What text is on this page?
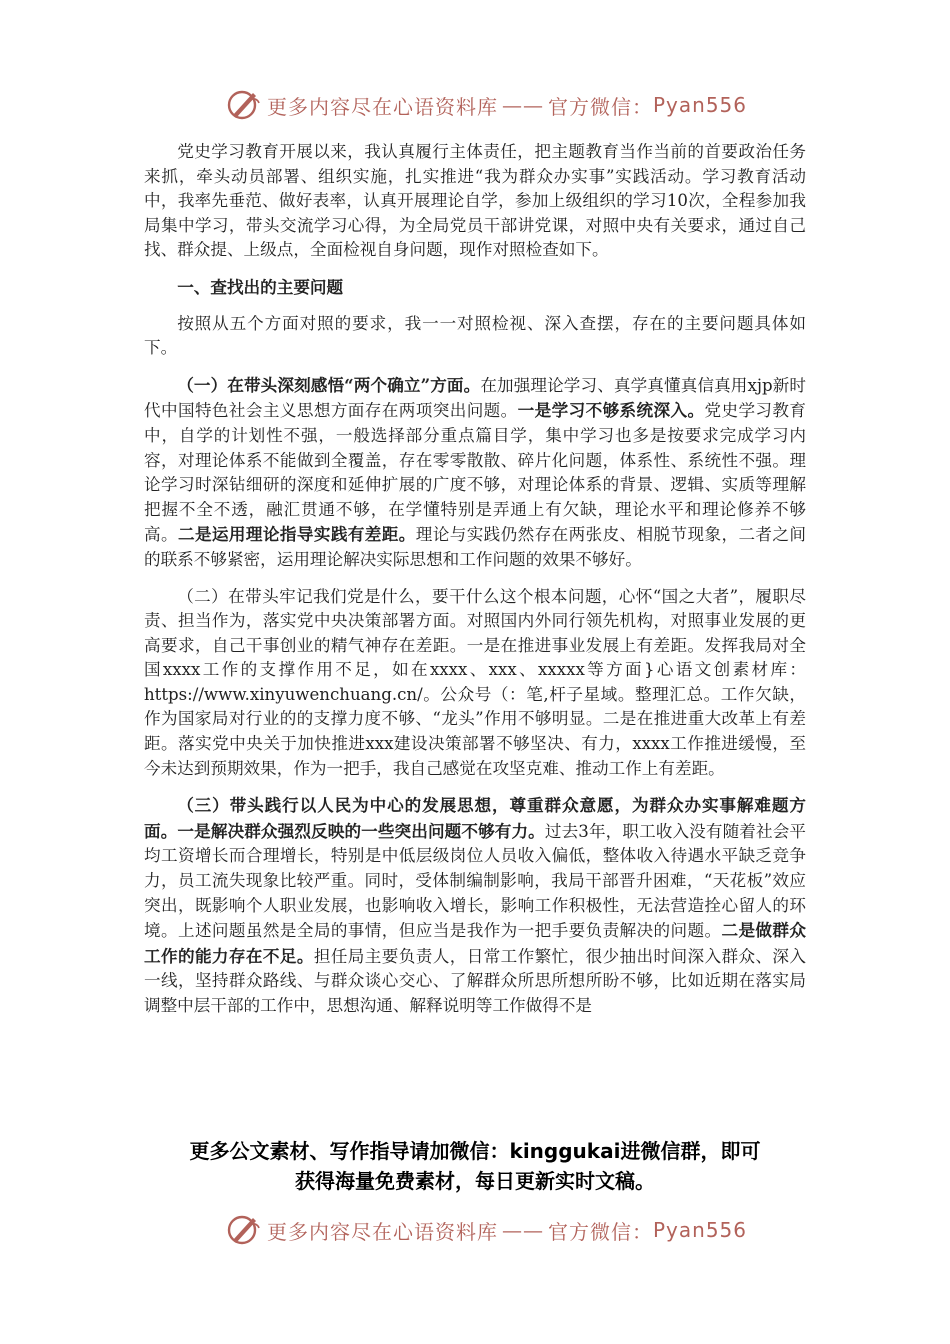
更多内容尽在心语资料库 —— 官方微信： Pyan556

党史学习教育开展以来，我认真履行主体责任，把主题教育当作当前的首要政治任务来抓，牵头动员部署、组织实施，扎实推进“我为群众办实事”实践活动。学习教育活动中，我率先垂范、做好表率，认真开展理论自学，参加上级组织的学习10次，全程参加我局集中学习，带头交流学习心得，为全局党员干部讲党课，对照中央有关要求，通过自己找、群众提、上级点，全面检视自身问题，现作对照检查如下。

一、查找出的主要问题

按照从五个方面对照的要求，我一一对照检视、深入查摆，存在的主要问题具体如下。

（一）在带头深刻感悟“两个确立”方面。在加强理论学习、真学真懂真信真用xjp新时代中国特色社会主义思想方面存在两项突出问题。一是学习不够系统深入。党史学习教育中，自学的计划性不强，一般选择部分重点篇目学，集中学习也多是按要求完成学习内容，对理论体系不能做到全覆盖，存在零零散散、碎片化问题，体系性、系统性不强。理论学习时深钻细研的深度和延伸扩展的广度不够，对理论体系的背景、逻辑、实质等理解把握不全不透，融汇贯通不够，在学懂特别是弄通上有欠缺，理论水平和理论修养不够高。二是运用理论指导实践有差距。理论与实践仍然存在两张皮、相脱节现象，二者之间的联系不够紧密，运用理论解决实际思想和工作问题的效果不够好。

（二）在带头牢记我们党是什么，要干什么这个根本问题，心怀“国之大者”，履职尽责、担当作为，落实党中央决策部署方面。对照国内外同行领先机构，对照事业发展的更高要求，自己干事创业的精气神存在差距。一是在推进事业发展上有差距。发挥我局对全国xxxx工作的支撑作用不足，如在xxxx、xxx、xxxxx等方面}心语文创素材库：https://www.xinyuwenchuang.cn/。公众号（：笔,杆子星域。整理汇总。工作欠缺，作为国家局对行业的的支撑力度不够、“龙头”作用不够明显。二是在推进重大改革上有差距。落实党中央关于加快推进xxx建设决策部署不够坚决、有力，xxxx工作推进缓慢，至今未达到预期效果，作为一把手，我自己感觉在攻坚克难、推动工作上有差距。

（三）带头践行以人民为中心的发展思想，尊重群众意愿，为群众办实事解难题方面。一是解决群众强烈反映的一些突出问题不够有力。过去3年，职工收入没有随着社会平均工资增长而合理增长，特别是中低层级岗位人员收入偏低，整体收入待遇水平缺乏竞争力，员工流失现象比较严重。同时，受体制编制影响，我局干部晋升困难，“天花板”效应突出，既影响个人职业发展，也影响收入增长，影响工作积极性，无法营造拴心留人的环境。上述问题虽然是全局的事情，但应当是我作为一把手要负责解决的问题。二是做群众工作的能力存在不足。担任局主要负责人，日常工作繁忙，很少抽出时间深入群众、深入一线，坚持群众路线、与群众谈心交心、了解群众所思所想所盼不够，比如近期在落实局调整中层干部的工作中，思想沟通、解释说明等工作做得不是

更多公文素材、写作指导请加微信：kinggukai进微信群，即可
获得海量免费素材，每日更新实时文稿。
更多内容尽在心语资料库 —— 官方微信： Pyan556
